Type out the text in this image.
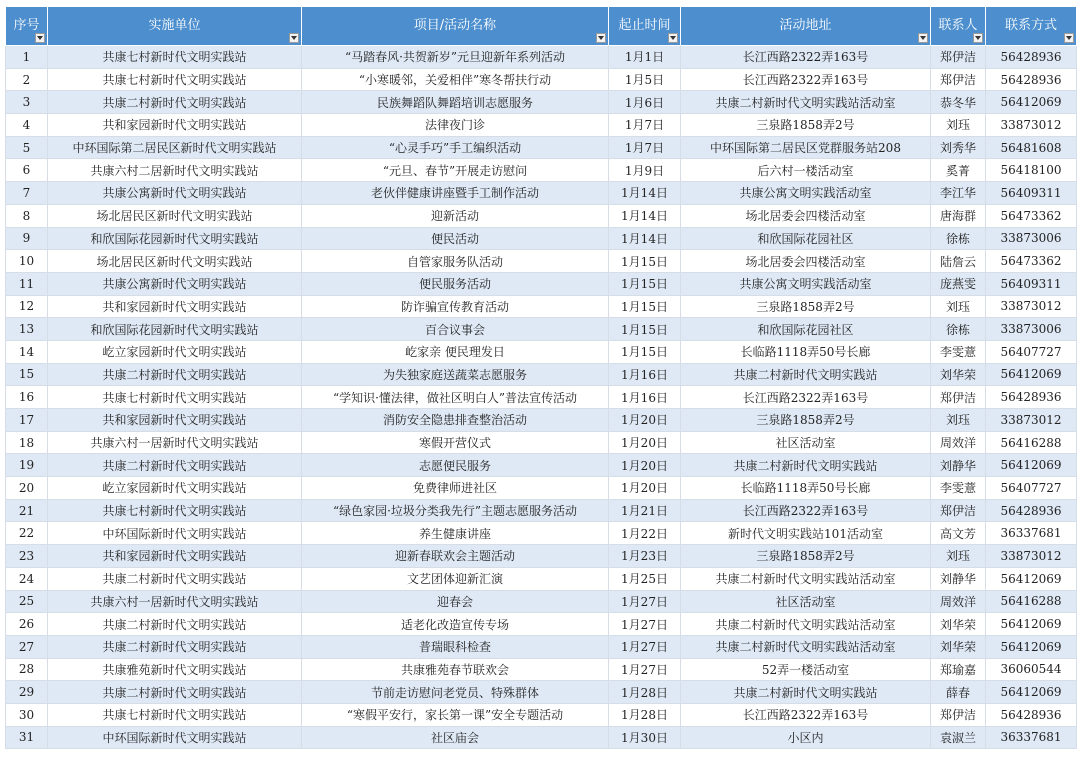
序号	实施单位	项目/活动名称	起止时间	活动地址	联系人	联系方式

1	共康七村新时代文明实践站	“马踏春风·共贺新岁”元旦迎新年系列活动	1月1日	长江西路2322弄163号	郑伊洁	56428936
2	共康七村新时代文明实践站	“小寒暖邻，关爱相伴”寒冬帮扶行动	1月5日	长江西路2322弄163号	郑伊洁	56428936
3	共康二村新时代文明实践站	民族舞蹈队舞蹈培训志愿服务	1月6日	共康二村新时代文明实践站活动室	恭冬华	56412069
4	共和家园新时代文明实践站	法律夜门诊	1月7日	三泉路1858弄2号	刘珏	33873012
5	中环国际第二居民区新时代文明实践站	“心灵手巧”手工编织活动	1月7日	中环国际第二居民区党群服务站208	刘秀华	56481608
6	共康六村二居新时代文明实践站	“元旦、春节”开展走访慰问	1月9日	后六村一楼活动室	奚菁	56418100
7	共康公寓新时代文明实践站	老伙伴健康讲座暨手工制作活动	1月14日	共康公寓文明实践活动室	李江华	56409311
8	场北居民区新时代文明实践站	迎新活动	1月14日	场北居委会四楼活动室	唐海群	56473362
9	和欣国际花园新时代文明实践站	便民活动	1月14日	和欣国际花园社区	徐栋	33873006
10	场北居民区新时代文明实践站	自管家服务队活动	1月15日	场北居委会四楼活动室	陆詹云	56473362
11	共康公寓新时代文明实践站	便民服务活动	1月15日	共康公寓文明实践活动室	庞燕雯	56409311
12	共和家园新时代文明实践站	防诈骗宣传教育活动	1月15日	三泉路1858弄2号	刘珏	33873012
13	和欣国际花园新时代文明实践站	百合议事会	1月15日	和欣国际花园社区	徐栋	33873006
14	屹立家园新时代文明实践站	屹家亲 便民理发日	1月15日	长临路1118弄50号长廊	李雯薏	56407727
15	共康二村新时代文明实践站	为失独家庭送蔬菜志愿服务	1月16日	共康二村新时代文明实践站	刘华荣	56412069
16	共康七村新时代文明实践站	“学知识·懂法律，做社区明白人”普法宣传活动	1月16日	长江西路2322弄163号	郑伊洁	56428936
17	共和家园新时代文明实践站	消防安全隐患排查整治活动	1月20日	三泉路1858弄2号	刘珏	33873012
18	共康六村一居新时代文明实践站	寒假开营仪式	1月20日	社区活动室	周效洋	56416288
19	共康二村新时代文明实践站	志愿便民服务	1月20日	共康二村新时代文明实践站	刘静华	56412069
20	屹立家园新时代文明实践站	免费律师进社区	1月20日	长临路1118弄50号长廊	李雯薏	56407727
21	共康七村新时代文明实践站	“绿色家园·垃圾分类我先行”主题志愿服务活动	1月21日	长江西路2322弄163号	郑伊洁	56428936
22	中环国际新时代文明实践站	养生健康讲座	1月22日	新时代文明实践站101活动室	高文芳	36337681
23	共和家园新时代文明实践站	迎新春联欢会主题活动	1月23日	三泉路1858弄2号	刘珏	33873012
24	共康二村新时代文明实践站	文艺团体迎新汇演	1月25日	共康二村新时代文明实践站活动室	刘静华	56412069
25	共康六村一居新时代文明实践站	迎春会	1月27日	社区活动室	周效洋	56416288
26	共康二村新时代文明实践站	适老化改造宣传专场	1月27日	共康二村新时代文明实践站活动室	刘华荣	56412069
27	共康二村新时代文明实践站	普瑞眼科检查	1月27日	共康二村新时代文明实践站活动室	刘华荣	56412069
28	共康雅苑新时代文明实践站	共康雅苑春节联欢会	1月27日	52弄一楼活动室	郑瑜嘉	36060544
29	共康二村新时代文明实践站	节前走访慰问老党员、特殊群体	1月28日	共康二村新时代文明实践站	薛春	56412069
30	共康七村新时代文明实践站	“寒假平安行，家长第一课”安全专题活动	1月28日	长江西路2322弄163号	郑伊洁	56428936
31	中环国际新时代文明实践站	社区庙会	1月30日	小区内	袁淑兰	36337681
